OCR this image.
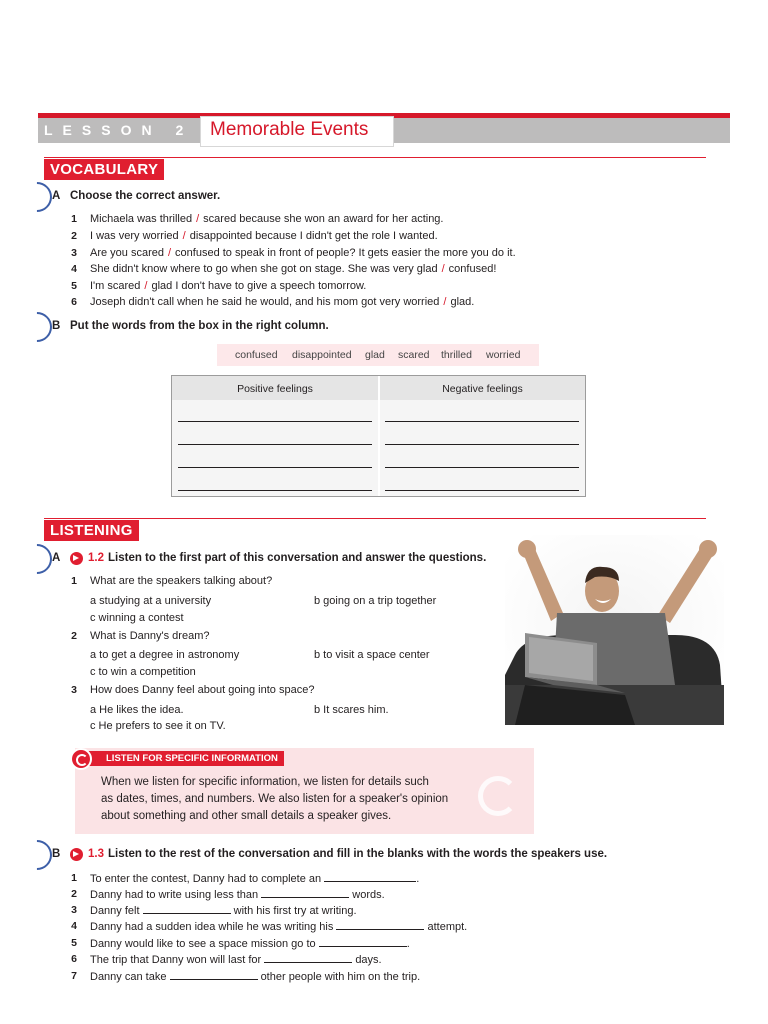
LESSON 2 Memorable Events
VOCABULARY
A Choose the correct answer.
1 Michaela was thrilled / scared because she won an award for her acting.
2 I was very worried / disappointed because I didn't get the role I wanted.
3 Are you scared / confused to speak in front of people? It gets easier the more you do it.
4 She didn't know where to go when she got on stage. She was very glad / confused!
5 I'm scared / glad I don't have to give a speech tomorrow.
6 Joseph didn't call when he said he would, and his mom got very worried / glad.
B Put the words from the box in the right column.
confused disappointed glad scared thrilled worried
Positive feelings	Negative feelings
LISTENING
A 1.2 Listen to the first part of this conversation and answer the questions.
1 What are the speakers talking about?
a studying at a university	b going on a trip together
c winning a contest
2 What is Danny's dream?
a to get a degree in astronomy	b to visit a space center
c to win a competition
3 How does Danny feel about going into space?
a He likes the idea.	b It scares him.
c He prefers to see it on TV.
LISTEN FOR SPECIFIC INFORMATION
When we listen for specific information, we listen for details such
as dates, times, and numbers. We also listen for a speaker's opinion
about something and other small details a speaker gives.
B 1.3 Listen to the rest of the conversation and fill in the blanks with the words the speakers use.
1 To enter the contest, Danny had to complete an	.
2 Danny had to write using less than	words.
3 Danny felt	with his first try at writing.
4 Danny had a sudden idea while he was writing his	attempt.
5 Danny would like to see a space mission go to	.
6 The trip that Danny won will last for	days.
7 Danny can take	other people with him on the trip.
